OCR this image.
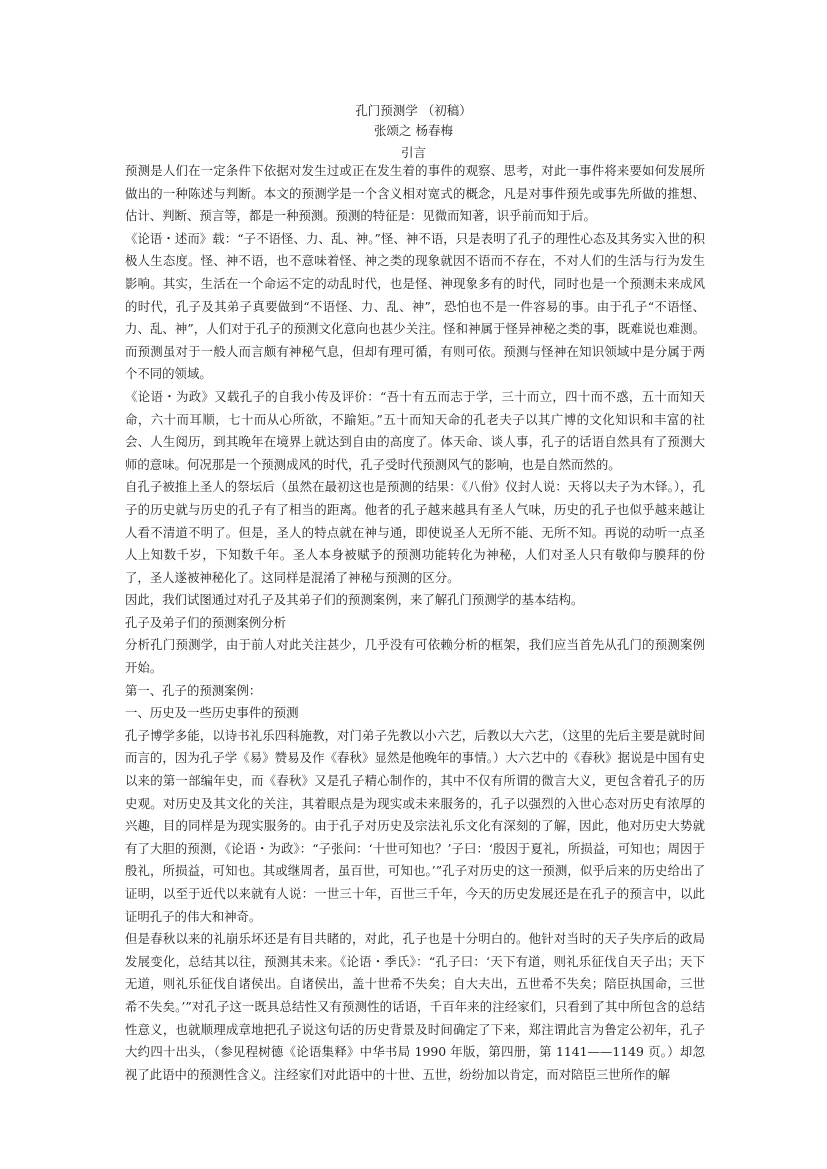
孔门预测学 （初稿）
张颂之 杨春梅
引言

预测是人们在一定条件下依据对发生过或正在发生着的事件的观察、思考，对此一事件将来要如何发展所做出的一种陈述与判断。本文的预测学是一个含义相对宽式的概念，凡是对事件预先或事先所做的推想、估计、判断、预言等，都是一种预测。预测的特征是：见微而知著，识乎前而知于后。

《论语・述而》载：“子不语怪、力、乱、神。”怪、神不语，只是表明了孔子的理性心态及其务实入世的积极人生态度。怪、神不语，也不意味着怪、神之类的现象就因不语而不存在，不对人们的生活与行为发生影响。其实，生活在一个命运不定的动乱时代，也是怪、神现象多有的时代，同时也是一个预测未来成风的时代，孔子及其弟子真要做到“不语怪、力、乱、神”，恐怕也不是一件容易的事。由于孔子“不语怪、力、乱、神”，人们对于孔子的预测文化意向也甚少关注。怪和神属于怪异神秘之类的事，既难说也难测。而预测虽对于一般人而言颇有神秘气息，但却有理可循，有则可依。预测与怪神在知识领域中是分属于两个不同的领域。

《论语・为政》又载孔子的自我小传及评价：“吾十有五而志于学，三十而立，四十而不惑，五十而知天命，六十而耳顺，七十而从心所欲，不踰矩。”五十而知天命的孔老夫子以其广博的文化知识和丰富的社会、人生阅历，到其晚年在境界上就达到自由的高度了。体天命、谈人事，孔子的话语自然具有了预测大师的意味。何况那是一个预测成风的时代，孔子受时代预测风气的影响，也是自然而然的。

自孔子被推上圣人的祭坛后（虽然在最初这也是预测的结果：《八佾》仪封人说：天将以夫子为木铎。），孔子的历史就与历史的孔子有了相当的距离。他者的孔子越来越具有圣人气味，历史的孔子也似乎越来越让人看不清道不明了。但是，圣人的特点就在神与通，即使说圣人无所不能、无所不知。再说的动听一点圣人上知数千岁，下知数千年。圣人本身被赋予的预测功能转化为神秘，人们对圣人只有敬仰与膜拜的份了，圣人遂被神秘化了。这同样是混淆了神秘与预测的区分。

因此，我们试图通过对孔子及其弟子们的预测案例，来了解孔门预测学的基本结构。

孔子及弟子们的预测案例分析

分析孔门预测学，由于前人对此关注甚少，几乎没有可依赖分析的框架，我们应当首先从孔门的预测案例开始。

第一、孔子的预测案例：

一、历史及一些历史事件的预测

孔子博学多能，以诗书礼乐四科施教，对门弟子先教以小六艺，后教以大六艺，（这里的先后主要是就时间而言的，因为孔子学《易》赞易及作《春秋》显然是他晚年的事情。）大六艺中的《春秋》据说是中国有史以来的第一部编年史，而《春秋》又是孔子精心制作的，其中不仅有所谓的微言大义，更包含着孔子的历史观。对历史及其文化的关注，其着眼点是为现实或未来服务的，孔子以强烈的入世心态对历史有浓厚的兴趣，目的同样是为现实服务的。由于孔子对历史及宗法礼乐文化有深刻的了解，因此，他对历史大势就有了大胆的预测，《论语・为政》：“子张问：‘十世可知也？’子曰：‘殷因于夏礼，所损益，可知也；周因于殷礼，所损益，可知也。其或继周者，虽百世，可知也。’”孔子对历史的这一预测，似乎后来的历史给出了证明，以至于近代以来就有人说：一世三十年，百世三千年，今天的历史发展还是在孔子的预言中，以此证明孔子的伟大和神奇。

但是春秋以来的礼崩乐坏还是有目共睹的，对此，孔子也是十分明白的。他针对当时的天子失序后的政局发展变化，总结其以往，预测其未来。《论语・季氏》：“孔子曰：‘天下有道，则礼乐征伐自天子出；天下无道，则礼乐征伐自诸侯出。自诸侯出，盖十世希不失矣；自大夫出，五世希不失矣；陪臣执国命，三世希不失矣。’”对孔子这一既具总结性又有预测性的话语，千百年来的注经家们，只看到了其中所包含的总结性意义，也就顺理成章地把孔子说这句话的历史背景及时间确定了下来，郑注谓此言为鲁定公初年，孔子大约四十出头，（参见程树德《论语集释》中华书局 1990 年版，第四册，第 1141——1149 页。）却忽视了此语中的预测性含义。注经家们对此语中的十世、五世，纷纷加以肯定，而对陪臣三世所作的解
